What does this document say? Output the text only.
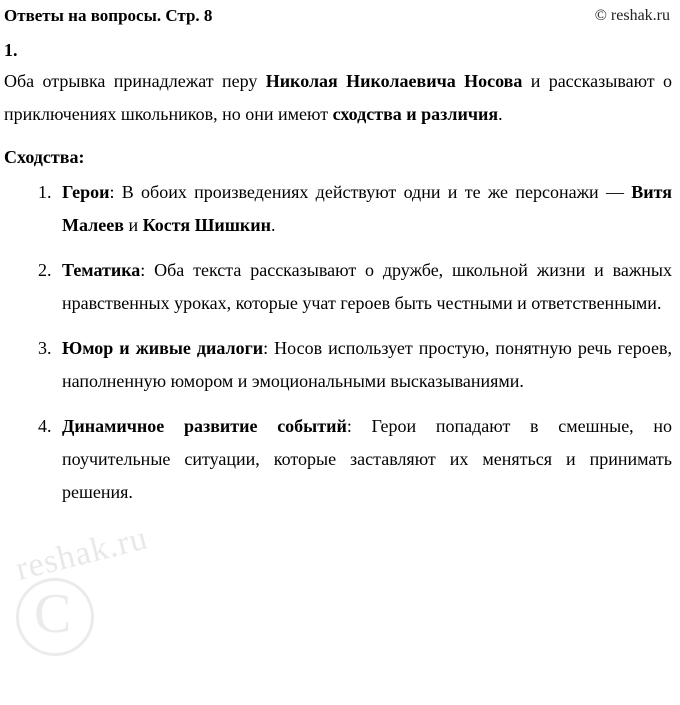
Ответы на вопросы. Стр. 8	© reshak.ru
1.

Оба отрывка принадлежат перу Николая Николаевича Носова и рассказывают о приключениях школьников, но они имеют сходства и различия.

Сходства:
1. Герои: В обоих произведениях действуют одни и те же персонажи — Витя Малеев и Костя Шишкин.
2. Тематика: Оба текста рассказывают о дружбе, школьной жизни и важных нравственных уроках, которые учат героев быть честными и ответственными.
3. Юмор и живые диалоги: Носов использует простую, понятную речь героев, наполненную юмором и эмоциональными высказываниями.
4. Динамичное развитие событий: Герои попадают в смешные, но поучительные ситуации, которые заставляют их меняться и принимать решения.
reshak.ru
C
